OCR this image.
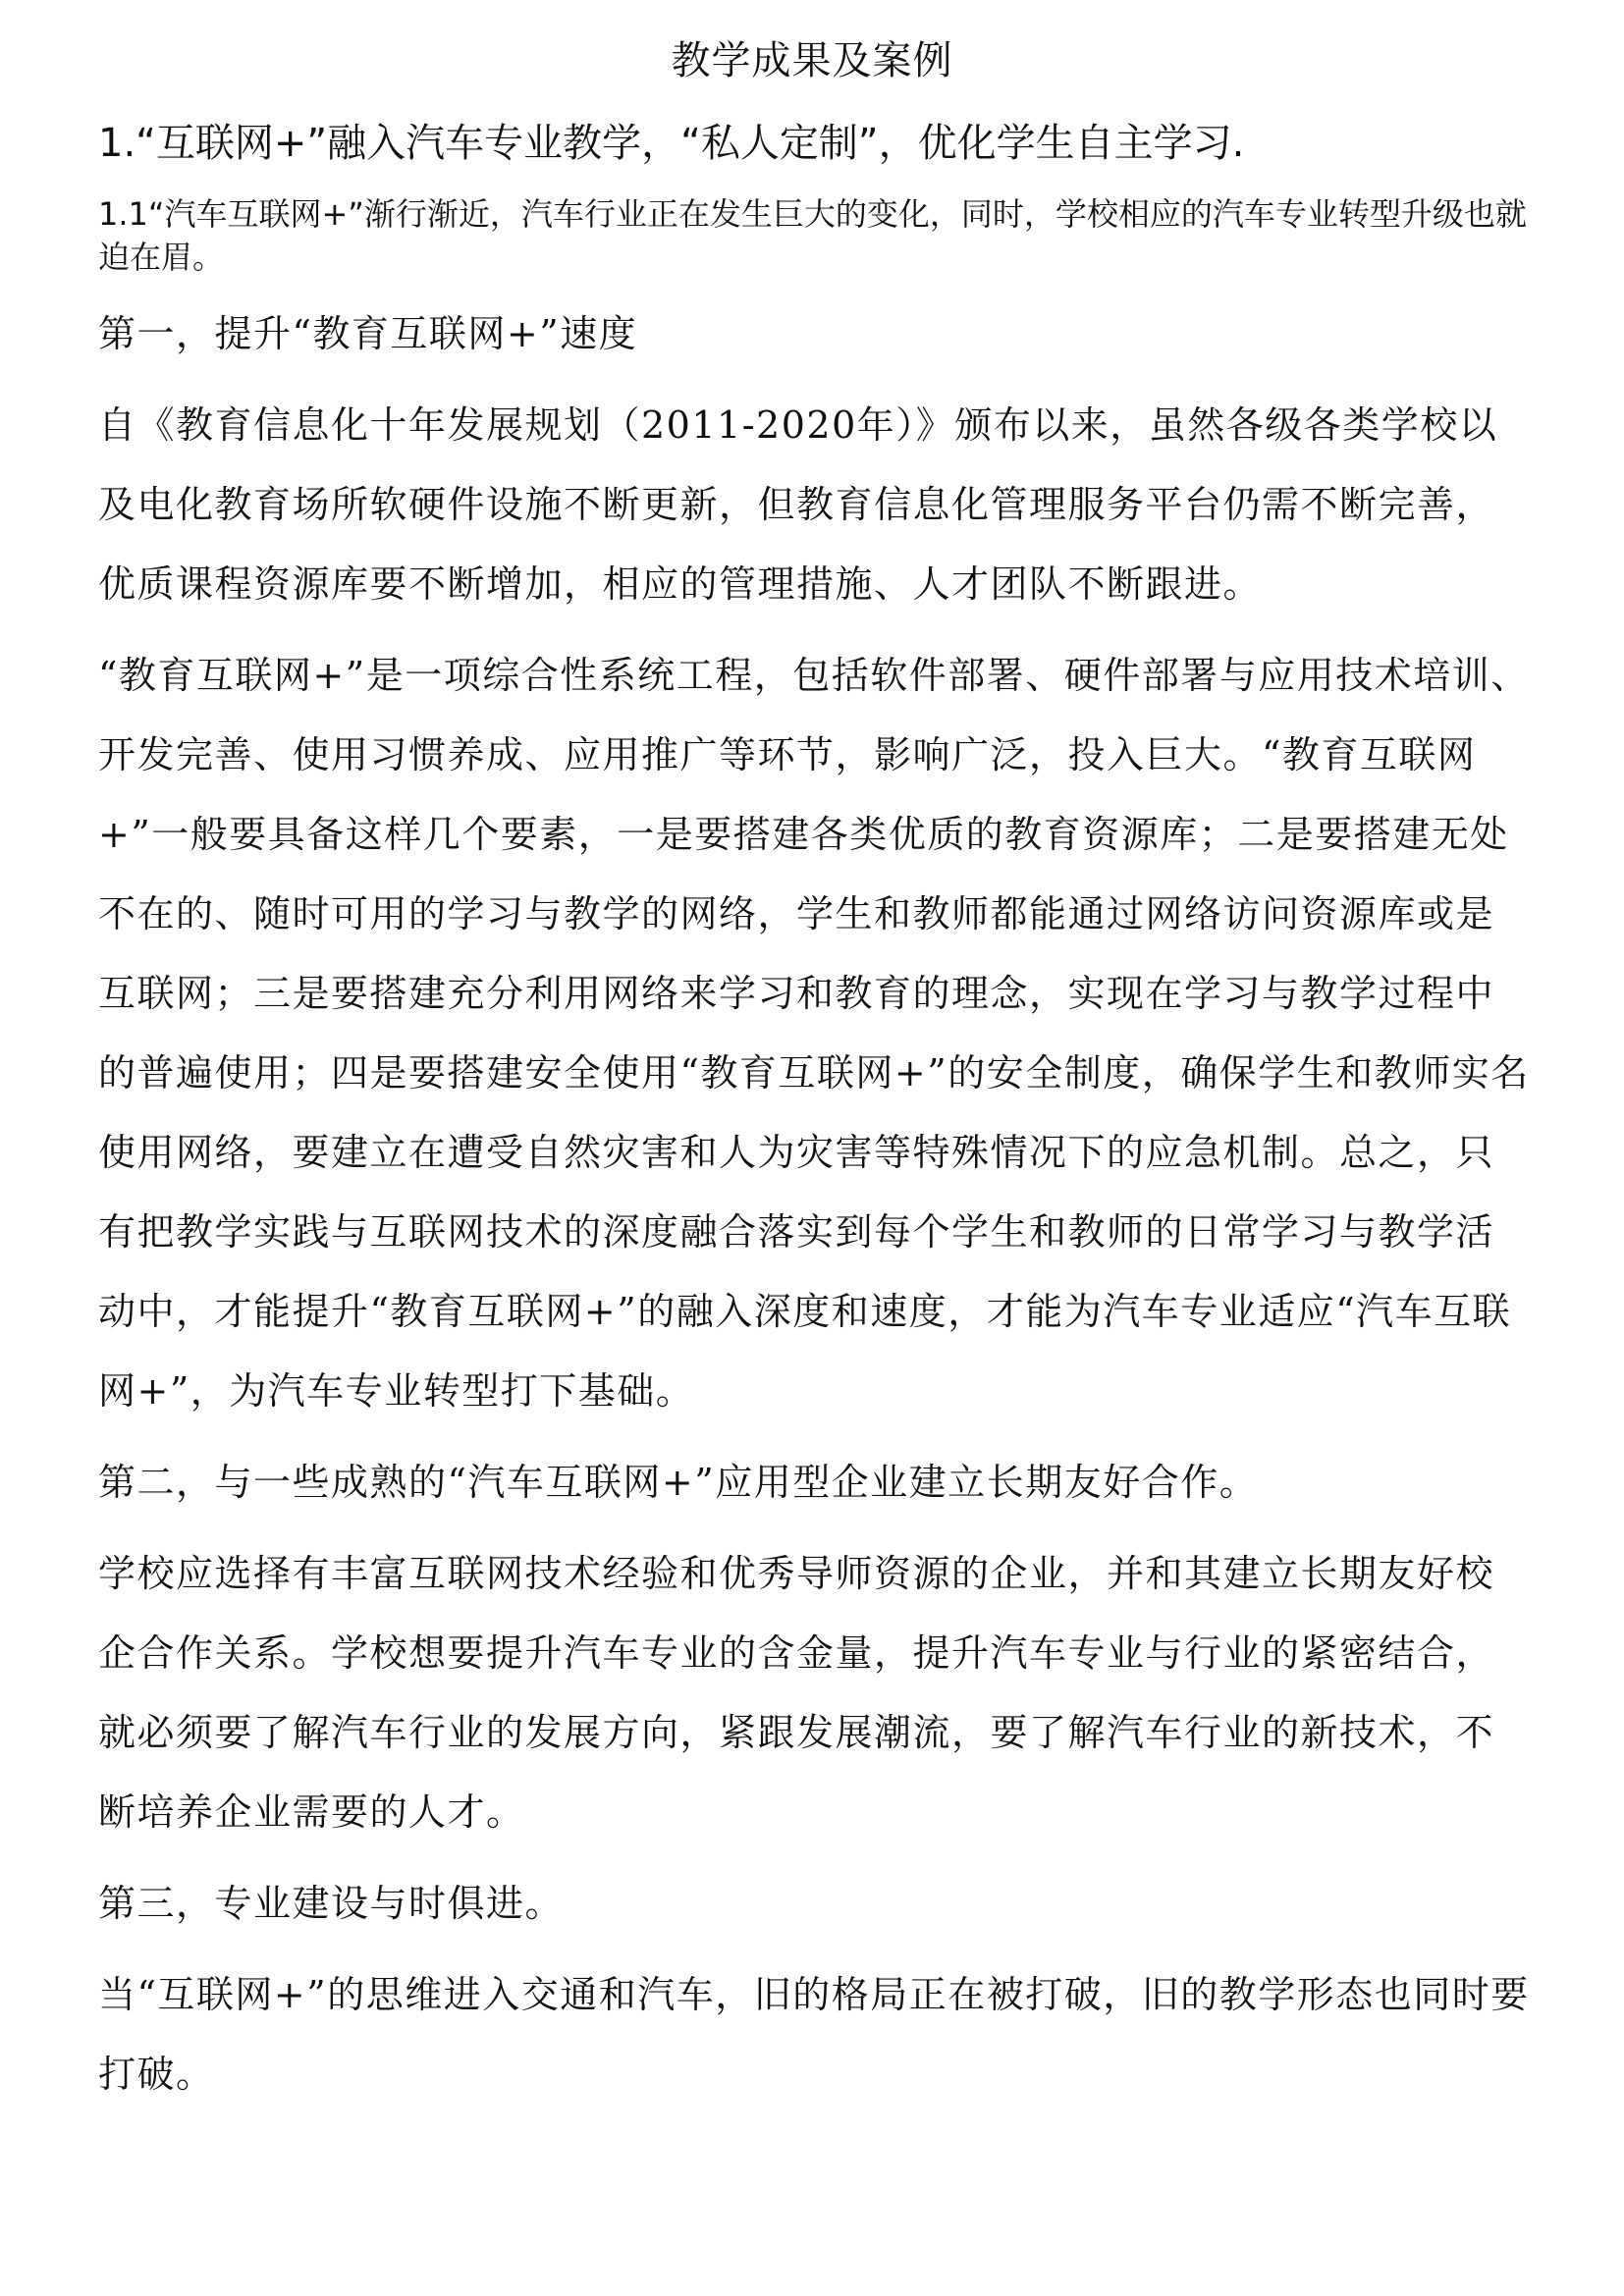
教学成果及案例
1.“互联网+”融入汽车专业教学，“私人定制”，优化学生自主学习.
1.1“汽车互联网+”渐行渐近，汽车行业正在发生巨大的变化，同时，学校相应的汽车专业转型升级也就迫在眉。

第一，提升“教育互联网+”速度

自《教育信息化十年发展规划（2011-2020年）》颁布以来，虽然各级各类学校以及电化教育场所软硬件设施不断更新，但教育信息化管理服务平台仍需不断完善，优质课程资源库要不断增加，相应的管理措施、人才团队不断跟进。

“教育互联网+”是一项综合性系统工程，包括软件部署、硬件部署与应用技术培训、开发完善、使用习惯养成、应用推广等环节，影响广泛，投入巨大。“教育互联网+”一般要具备这样几个要素，一是要搭建各类优质的教育资源库；二是要搭建无处不在的、随时可用的学习与教学的网络，学生和教师都能通过网络访问资源库或是互联网；三是要搭建充分利用网络来学习和教育的理念，实现在学习与教学过程中的普遍使用；四是要搭建安全使用“教育互联网+”的安全制度，确保学生和教师实名使用网络，要建立在遭受自然灾害和人为灾害等特殊情况下的应急机制。总之，只有把教学实践与互联网技术的深度融合落实到每个学生和教师的日常学习与教学活动中，才能提升“教育互联网+”的融入深度和速度，才能为汽车专业适应“汽车互联网+”，为汽车专业转型打下基础。

第二，与一些成熟的“汽车互联网+”应用型企业建立长期友好合作。

学校应选择有丰富互联网技术经验和优秀导师资源的企业，并和其建立长期友好校企合作关系。学校想要提升汽车专业的含金量，提升汽车专业与行业的紧密结合，就必须要了解汽车行业的发展方向，紧跟发展潮流，要了解汽车行业的新技术，不断培养企业需要的人才。

第三，专业建设与时俱进。

当“互联网+”的思维进入交通和汽车，旧的格局正在被打破，旧的教学形态也同时要打破。
